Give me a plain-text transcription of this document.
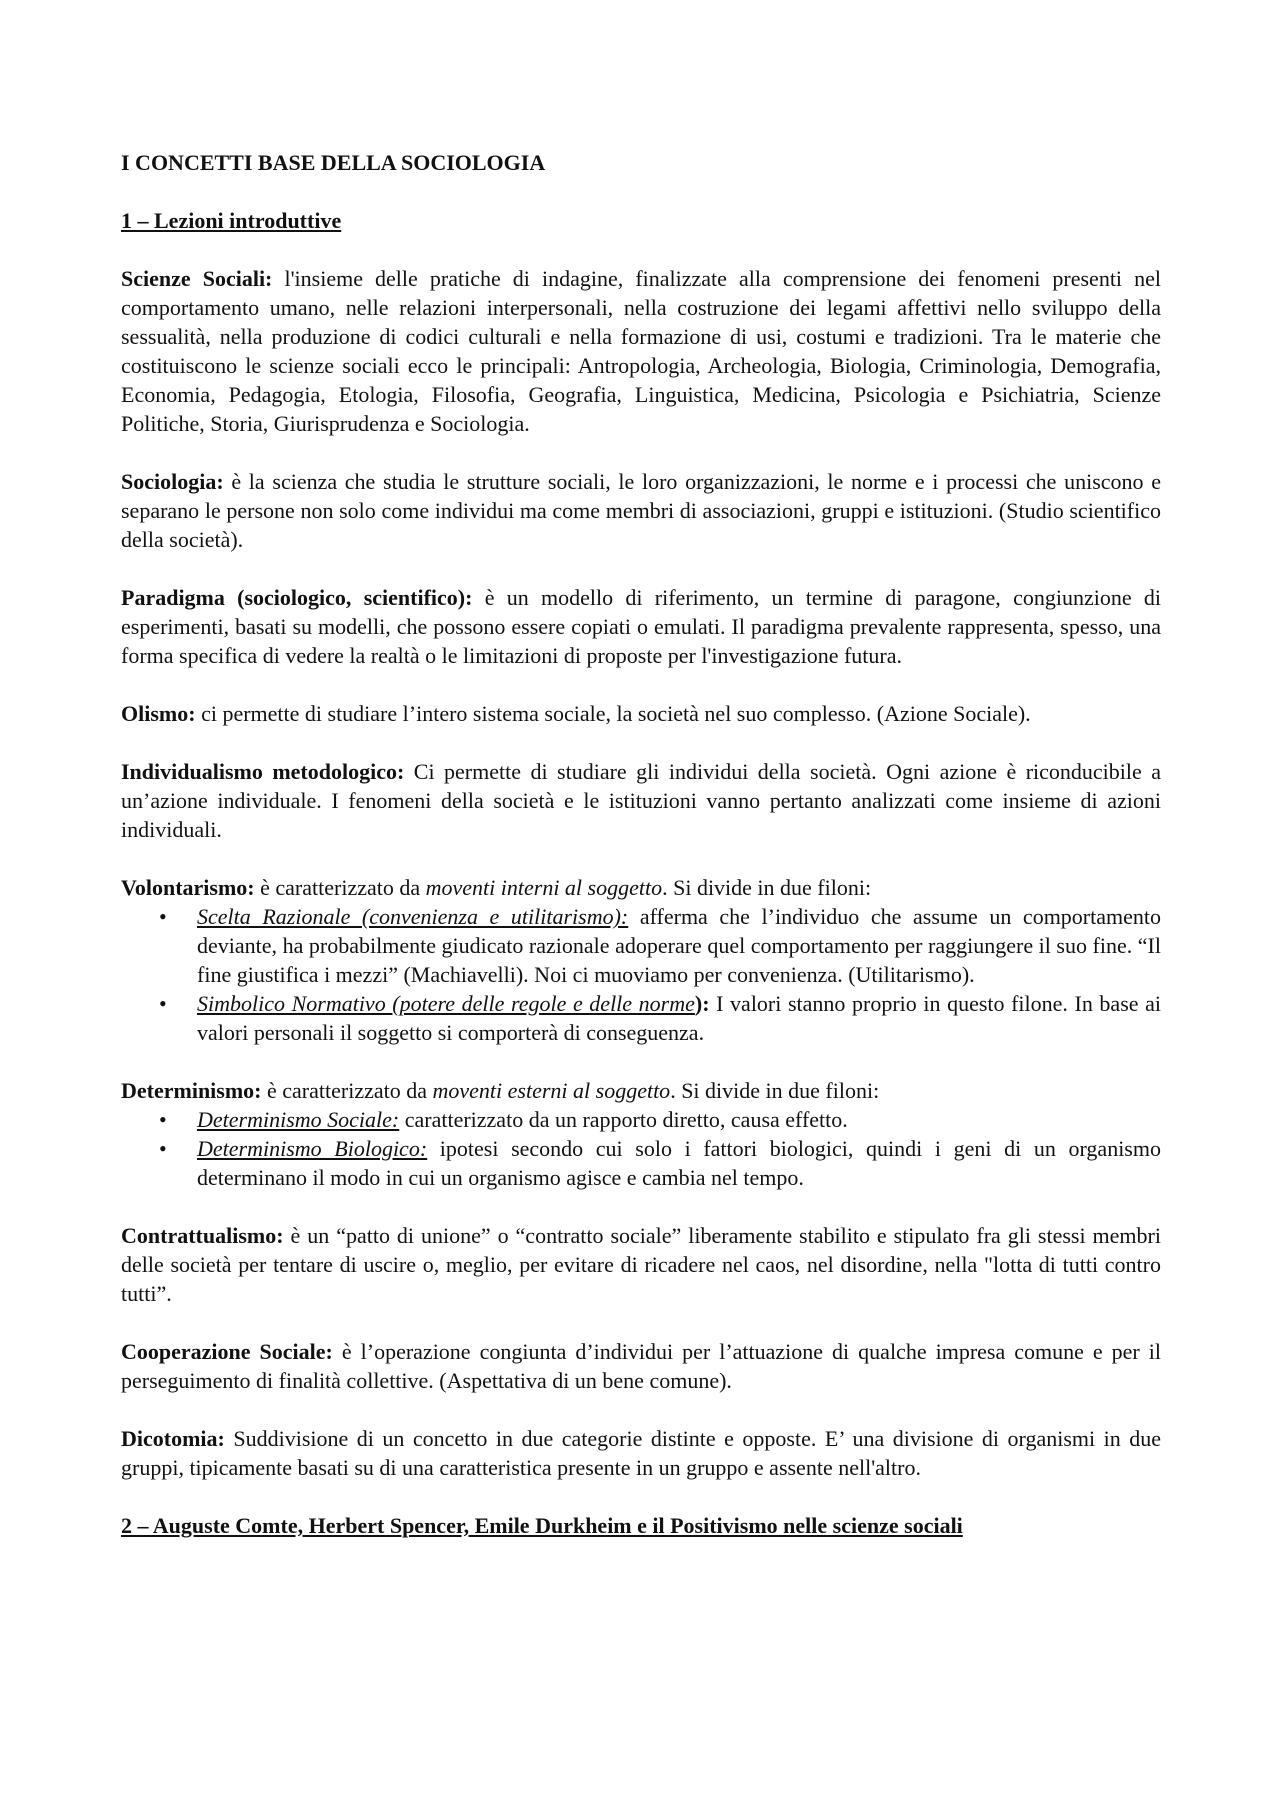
I CONCETTI BASE DELLA SOCIOLOGIA
1 – Lezioni introduttive
Scienze Sociali: l'insieme delle pratiche di indagine, finalizzate alla comprensione dei fenomeni presenti nel comportamento umano, nelle relazioni interpersonali, nella costruzione dei legami affettivi nello sviluppo della sessualità, nella produzione di codici culturali e nella formazione di usi, costumi e tradizioni. Tra le materie che costituiscono le scienze sociali ecco le principali: Antropologia, Archeologia, Biologia, Criminologia, Demografia, Economia, Pedagogia, Etologia, Filosofia, Geografia, Linguistica, Medicina, Psicologia e Psichiatria, Scienze Politiche, Storia, Giurisprudenza e Sociologia.
Sociologia: è la scienza che studia le strutture sociali, le loro organizzazioni, le norme e i processi che uniscono e separano le persone non solo come individui ma come membri di associazioni, gruppi e istituzioni. (Studio scientifico della società).
Paradigma (sociologico, scientifico): è un modello di riferimento, un termine di paragone, congiunzione di esperimenti, basati su modelli, che possono essere copiati o emulati. Il paradigma prevalente rappresenta, spesso, una forma specifica di vedere la realtà o le limitazioni di proposte per l'investigazione futura.
Olismo: ci permette di studiare l’intero sistema sociale, la società nel suo complesso. (Azione Sociale).
Individualismo metodologico: Ci permette di studiare gli individui della società. Ogni azione è riconducibile a un’azione individuale. I fenomeni della società e le istituzioni vanno pertanto analizzati come insieme di azioni individuali.

Volontarismo: è caratterizzato da moventi interni al soggetto. Si divide in due filoni:

• Scelta Razionale (convenienza e utilitarismo): afferma che l’individuo che assume un comportamento deviante, ha probabilmente giudicato razionale adoperare quel comportamento per raggiungere il suo fine. “Il fine giustifica i mezzi” (Machiavelli). Noi ci muoviamo per convenienza. (Utilitarismo).
• Simbolico Normativo (potere delle regole e delle norme): I valori stanno proprio in questo filone. In base ai valori personali il soggetto si comporterà di conseguenza.

Determinismo: è caratterizzato da moventi esterni al soggetto. Si divide in due filoni:

• Determinismo Sociale: caratterizzato da un rapporto diretto, causa effetto.
• Determinismo Biologico: ipotesi secondo cui solo i fattori biologici, quindi i geni di un organismo determinano il modo in cui un organismo agisce e cambia nel tempo.
Contrattualismo: è un “patto di unione” o “contratto sociale” liberamente stabilito e stipulato fra gli stessi membri delle società per tentare di uscire o, meglio, per evitare di ricadere nel caos, nel disordine, nella "lotta di tutti contro tutti”.
Cooperazione Sociale: è l’operazione congiunta d’individui per l’attuazione di qualche impresa comune e per il perseguimento di finalità collettive. (Aspettativa di un bene comune).
Dicotomia: Suddivisione di un concetto in due categorie distinte e opposte. E’ una divisione di organismi in due gruppi, tipicamente basati su di una caratteristica presente in un gruppo e assente nell'altro.
2 – Auguste Comte, Herbert Spencer, Emile Durkheim e il Positivismo nelle scienze sociali
